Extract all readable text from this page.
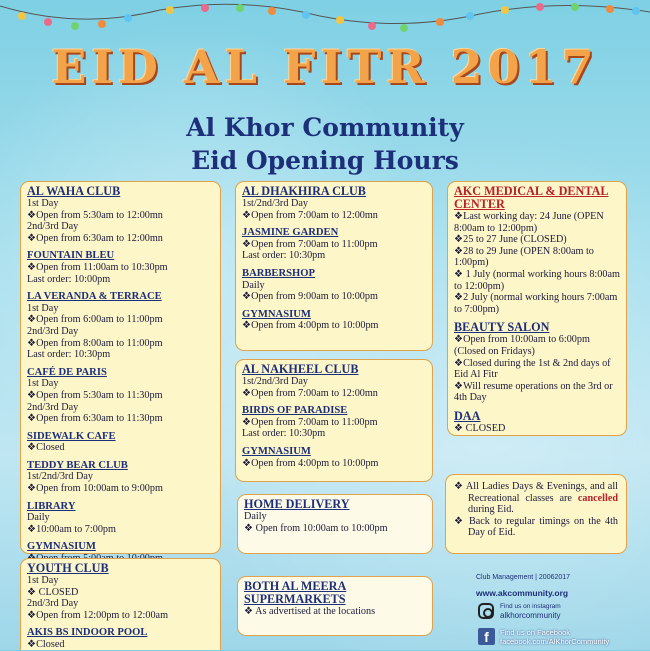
EID AL FITR 2017
Al Khor Community
Eid Opening Hours
AL WAHA CLUB
1st Day
❖Open from 5:30am to 12:00mn
2nd/3rd Day
❖Open from 6:30am to 12:00mn
FOUNTAIN BLEU
❖Open from 11:00am to 10:30pm
Last order: 10:00pm
LA VERANDA & TERRACE
1st Day
❖Open from 6:00am to 11:00pm
2nd/3rd Day
❖Open from 8:00am to 11:00pm
Last order: 10:30pm
CAFÉ DE PARIS
1st Day
❖Open from 5:30am to 11:30pm
2nd/3rd Day
❖Open from 6:30am to 11:30pm
SIDEWALK CAFE
❖Closed
TEDDY BEAR CLUB
1st/2nd/3rd Day
❖Open from 10:00am to 9:00pm
LIBRARY
Daily
❖10:00am to 7:00pm
GYMNASIUM
YOUTH CLUB
1st Day
❖ CLOSED
2nd/3rd Day
❖Open from 12:00pm to 12:00am
AKIS BS INDOOR POOL
❖Closed
AL DHAKHIRA CLUB
1st/2nd/3rd Day
❖Open from 7:00am to 12:00mn
JASMINE GARDEN
❖Open from 7:00am to 11:00pm
Last order: 10:30pm
BARBERSHOP
Daily
❖Open from 9:00am to 10:00pm
GYMNASIUM
❖Open from 4:00pm to 10:00pm
AL NAKHEEL CLUB
1st/2nd/3rd Day
❖Open from 7:00am to 12:00mn
BIRDS OF PARADISE
❖Open from 7:00am to 11:00pm
Last order: 10:30pm
GYMNASIUM
❖Open from 4:00pm to 10:00pm
HOME DELIVERY
Daily
❖ Open from 10:00am to 10:00pm
BOTH AL MEERA SUPERMARKETS
❖ As advertised at the locations
AKC MEDICAL & DENTAL CENTER
❖Last working day: 24 June (OPEN 8:00am to 12:00pm)
❖25 to 27 June (CLOSED)
❖28 to 29 June (OPEN 8:00am to 1:00pm)
❖ 1 July (normal working hours 8:00am to 12:00pm)
❖2 July (normal working hours 7:00am to 7:00pm)
BEAUTY SALON
❖Open from 10:00am to 6:00pm (Closed on Fridays)
❖Closed during the 1st & 2nd days of Eid Al Fitr
❖Will resume operations on the 3rd or 4th Day
DAA
❖ CLOSED
❖ All Ladies Days & Evenings, and all Recreational classes are cancelled during Eid.
❖ Back to regular timings on the 4th Day of Eid.
Club Management | 20062017
www.akcommunity.org
Find us on instagram
alkhorcommunity
f	Find us on Facebook
facebook.com/AlKhorCommunity
